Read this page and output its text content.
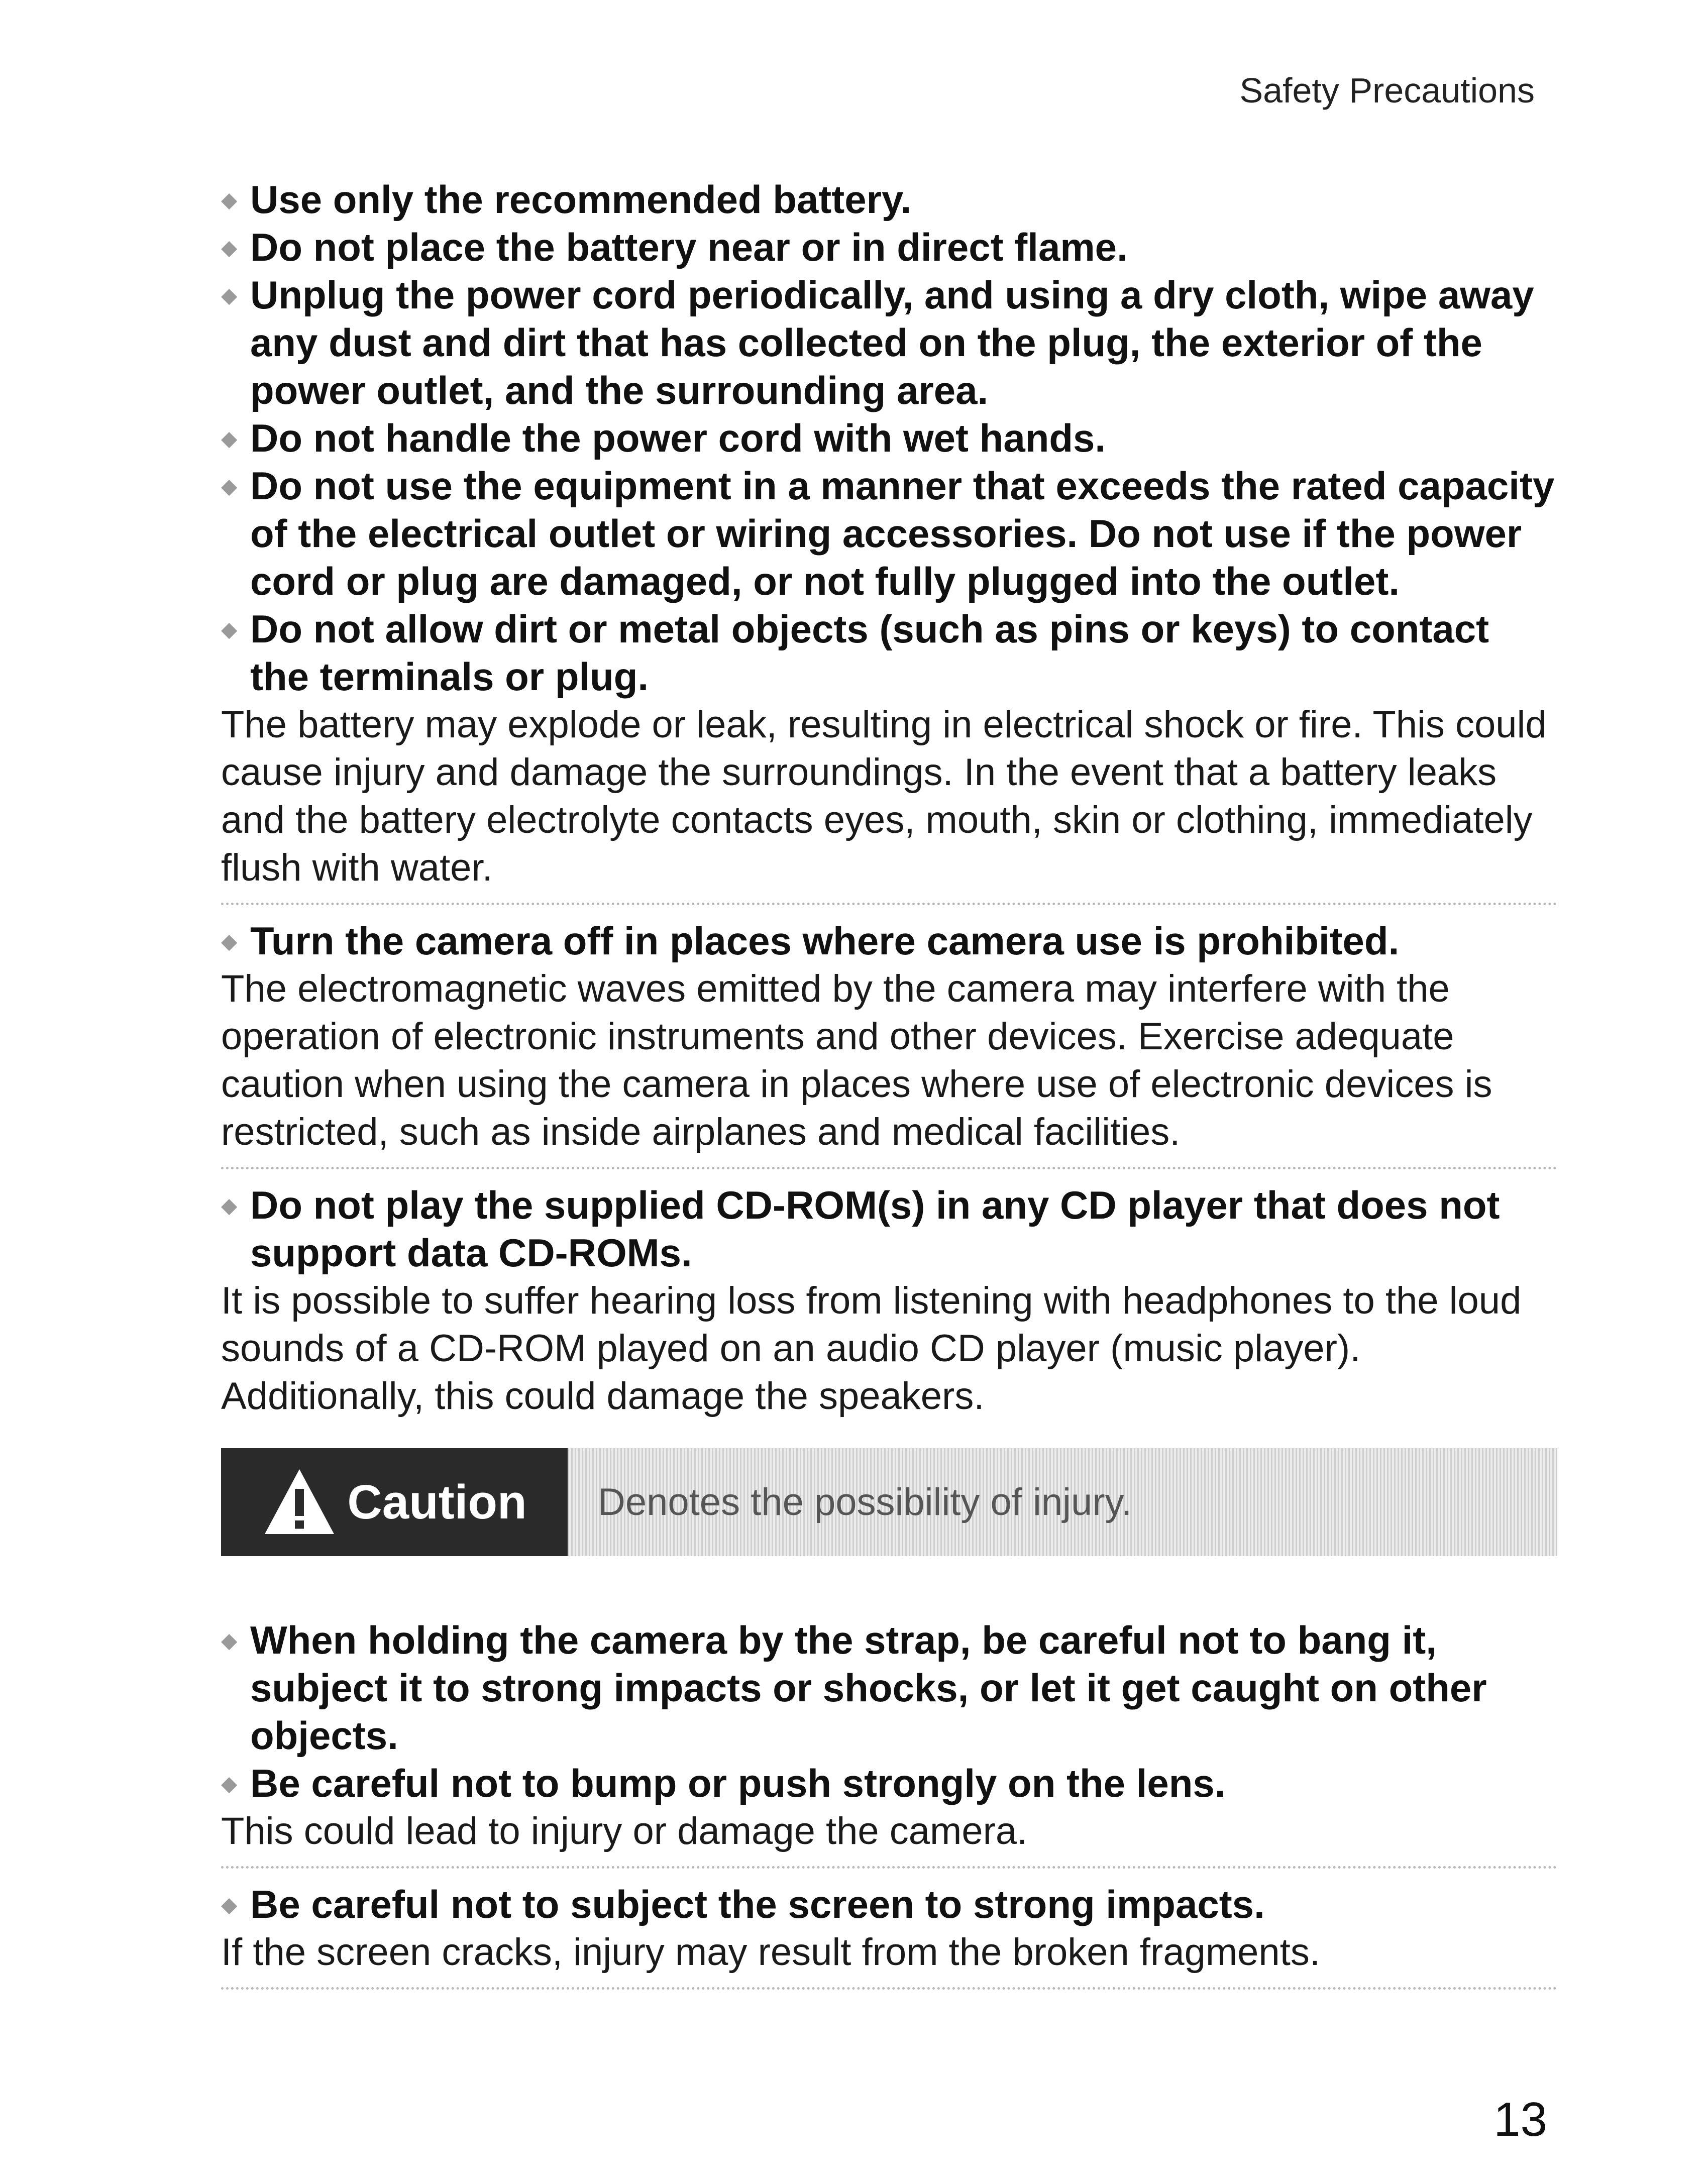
Safety Precautions
◆ Use only the recommended battery.
◆ Do not place the battery near or in direct flame.
◆ Unplug the power cord periodically, and using a dry cloth, wipe away any dust and dirt that has collected on the plug, the exterior of the power outlet, and the surrounding area.
◆ Do not handle the power cord with wet hands.
◆ Do not use the equipment in a manner that exceeds the rated capacity of the electrical outlet or wiring accessories. Do not use if the power cord or plug are damaged, or not fully plugged into the outlet.
◆ Do not allow dirt or metal objects (such as pins or keys) to contact the terminals or plug.
The battery may explode or leak, resulting in electrical shock or fire. This could cause injury and damage the surroundings. In the event that a battery leaks and the battery electrolyte contacts eyes, mouth, skin or clothing, immediately flush with water.
◆ Turn the camera off in places where camera use is prohibited.
The electromagnetic waves emitted by the camera may interfere with the operation of electronic instruments and other devices. Exercise adequate caution when using the camera in places where use of electronic devices is restricted, such as inside airplanes and medical facilities.
◆ Do not play the supplied CD-ROM(s) in any CD player that does not support data CD-ROMs.
It is possible to suffer hearing loss from listening with headphones to the loud sounds of a CD-ROM played on an audio CD player (music player). Additionally, this could damage the speakers.
Caution	Denotes the possibility of injury.
◆ When holding the camera by the strap, be careful not to bang it, subject it to strong impacts or shocks, or let it get caught on other objects.
◆ Be careful not to bump or push strongly on the lens.
This could lead to injury or damage the camera.
◆ Be careful not to subject the screen to strong impacts.
If the screen cracks, injury may result from the broken fragments.
13
